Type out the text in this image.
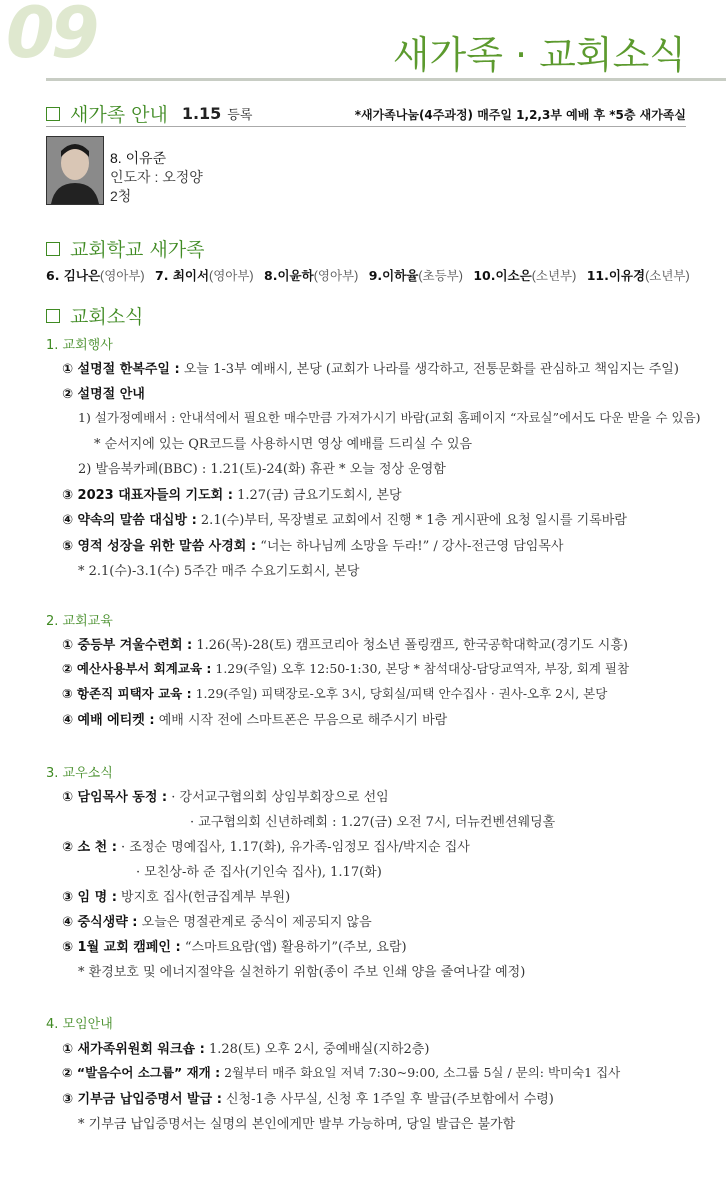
09	새가족 · 교회소식
새가족 안내 1.15 등록	*새가족나눔(4주과정) 매주일 1,2,3부 예배 후 *5층 새가족실
8. 이유준
인도자 : 오정양
2청
교회학교 새가족
6. 김나은(영아부) 7. 최이서(영아부) 8.이윤하(영아부) 9.이하율(초등부) 10.이소은(소년부) 11.이유경(소년부)
교회소식
1. 교회행사
① 설명절 한복주일 : 오늘 1-3부 예배시, 본당 (교회가 나라를 생각하고, 전통문화를 관심하고 책임지는 주일)
② 설명절 안내
1) 설가정예배서 : 안내석에서 필요한 매수만큼 가져가시기 바람(교회 홈페이지 “자료실”에서도 다운 받을 수 있음)
* 순서지에 있는 QR코드를 사용하시면 영상 예배를 드리실 수 있음
2) 발음북카페(BBC) : 1.21(토)-24(화) 휴관 * 오늘 정상 운영함
③ 2023 대표자들의 기도회 : 1.27(금) 금요기도회시, 본당
④ 약속의 말씀 대십방 : 2.1(수)부터, 목장별로 교회에서 진행 * 1층 게시판에 요청 일시를 기록바람
⑤ 영적 성장을 위한 말씀 사경회 : “너는 하나님께 소망을 두라!” / 강사-전근영 담임목사
* 2.1(수)-3.1(수) 5주간 매주 수요기도회시, 본당
2. 교회교육
① 중등부 겨울수련회 : 1.26(목)-28(토) 캠프코리아 청소년 폴링캠프, 한국공학대학교(경기도 시흥)
② 예산사용부서 회계교육 : 1.29(주일) 오후 12:50-1:30, 본당 * 참석대상-담당교역자, 부장, 회계 필참
③ 항존직 피택자 교육 : 1.29(주일) 피택장로-오후 3시, 당회실/피택 안수집사 · 권사-오후 2시, 본당
④ 예배 에티켓 : 예배 시작 전에 스마트폰은 무음으로 해주시기 바람
3. 교우소식
① 담임목사 동정 : · 강서교구협의회 상임부회장으로 선임
· 교구협의회 신년하례회 : 1.27(금) 오전 7시, 더뉴컨벤션웨딩홀
② 소 천 : · 조정순 명예집사, 1.17(화), 유가족-임정모 집사/박지순 집사
· 모친상-하 준 집사(기인숙 집사), 1.17(화)
③ 임 명 : 방지호 집사(헌금집계부 부원)
④ 중식생략 : 오늘은 명절관계로 중식이 제공되지 않음
⑤ 1월 교회 캠페인 : “스마트요람(앱) 활용하기”(주보, 요람)
* 환경보호 및 에너지절약을 실천하기 위함(종이 주보 인쇄 양을 줄여나갈 예정)
4. 모임안내
① 새가족위원회 워크숍 : 1.28(토) 오후 2시, 중예배실(지하2층)
② “발음수어 소그룹” 재개 : 2월부터 매주 화요일 저녁 7:30~9:00, 소그룹 5실 / 문의: 박미숙1 집사
③ 기부금 납입증명서 발급 : 신청-1층 사무실, 신청 후 1주일 후 발급(주보함에서 수령)
* 기부금 납입증명서는 실명의 본인에게만 발부 가능하며, 당일 발급은 불가함
